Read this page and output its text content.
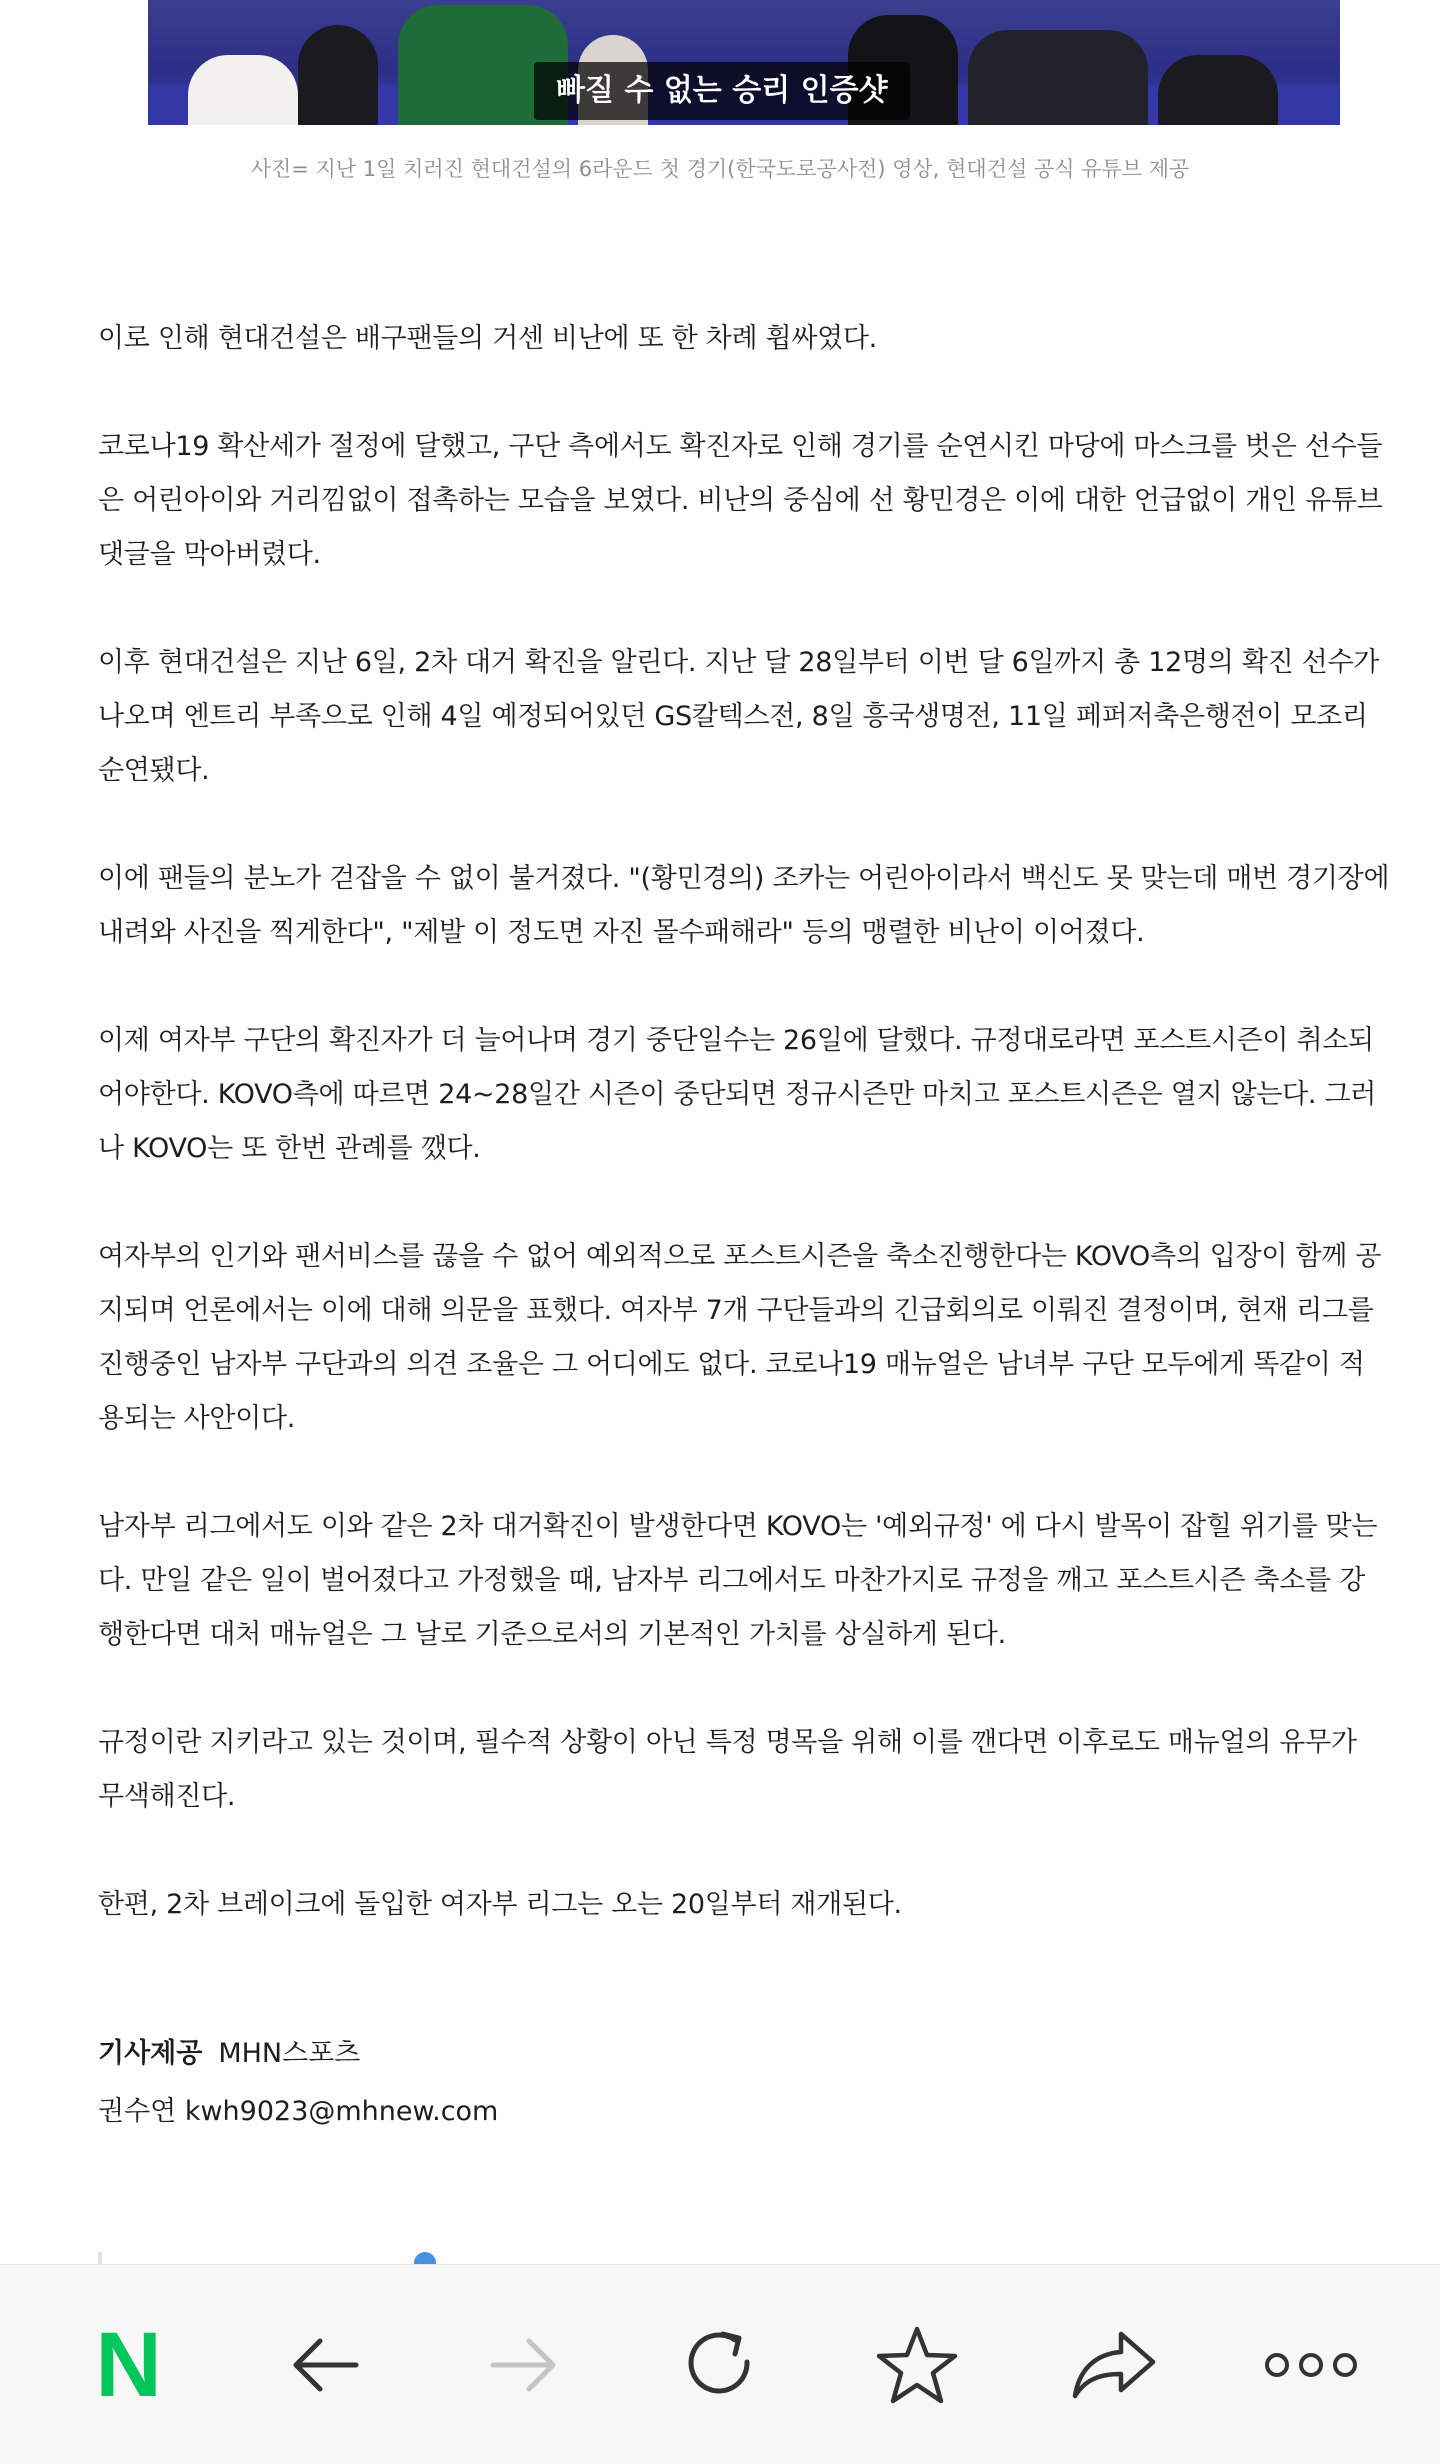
빠질 수 없는 승리 인증샷
사진= 지난 1일 치러진 현대건설의 6라운드 첫 경기(한국도로공사전) 영상, 현대건설 공식 유튜브 제공

이로 인해 현대건설은 배구팬들의 거센 비난에 또 한 차례 휩싸였다.

코로나19 확산세가 절정에 달했고, 구단 측에서도 확진자로 인해 경기를 순연시킨 마당에 마스크를 벗은 선수들은 어린아이와 거리낌없이 접촉하는 모습을 보였다. 비난의 중심에 선 황민경은 이에 대한 언급없이 개인 유튜브 댓글을 막아버렸다.

이후 현대건설은 지난 6일, 2차 대거 확진을 알린다. 지난 달 28일부터 이번 달 6일까지 총 12명의 확진 선수가 나오며 엔트리 부족으로 인해 4일 예정되어있던 GS칼텍스전, 8일 흥국생명전, 11일 페퍼저축은행전이 모조리 순연됐다.

이에 팬들의 분노가 걷잡을 수 없이 불거졌다. "(황민경의) 조카는 어린아이라서 백신도 못 맞는데 매번 경기장에 내려와 사진을 찍게한다", "제발 이 정도면 자진 몰수패해라" 등의 맹렬한 비난이 이어졌다.

이제 여자부 구단의 확진자가 더 늘어나며 경기 중단일수는 26일에 달했다. 규정대로라면 포스트시즌이 취소되어야한다. KOVO측에 따르면 24~28일간 시즌이 중단되면 정규시즌만 마치고 포스트시즌은 열지 않는다. 그러나 KOVO는 또 한번 관례를 깼다.

여자부의 인기와 팬서비스를 끊을 수 없어 예외적으로 포스트시즌을 축소진행한다는 KOVO측의 입장이 함께 공지되며 언론에서는 이에 대해 의문을 표했다. 여자부 7개 구단들과의 긴급회의로 이뤄진 결정이며, 현재 리그를 진행중인 남자부 구단과의 의견 조율은 그 어디에도 없다. 코로나19 매뉴얼은 남녀부 구단 모두에게 똑같이 적용되는 사안이다.

남자부 리그에서도 이와 같은 2차 대거확진이 발생한다면 KOVO는 '예외규정' 에 다시 발목이 잡힐 위기를 맞는다. 만일 같은 일이 벌어졌다고 가정했을 때, 남자부 리그에서도 마찬가지로 규정을 깨고 포스트시즌 축소를 강행한다면 대처 매뉴얼은 그 날로 기준으로서의 기본적인 가치를 상실하게 된다.

규정이란 지키라고 있는 것이며, 필수적 상황이 아닌 특정 명목을 위해 이를 깬다면 이후로도 매뉴얼의 유무가 무색해진다.

한편, 2차 브레이크에 돌입한 여자부 리그는 오는 20일부터 재개된다.

기사제공 MHN스포츠
권수연 kwh9023@mhnew.com
N
